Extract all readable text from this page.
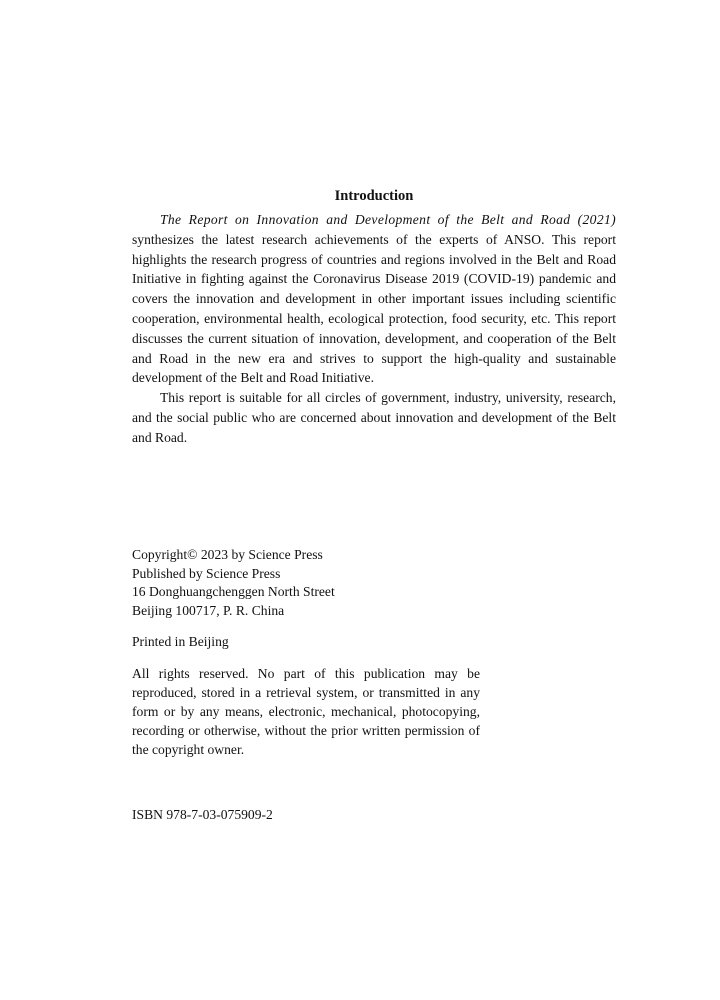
Introduction

The Report on Innovation and Development of the Belt and Road (2021) synthesizes the latest research achievements of the experts of ANSO. This report highlights the research progress of countries and regions involved in the Belt and Road Initiative in fighting against the Coronavirus Disease 2019 (COVID-19) pandemic and covers the innovation and development in other important issues including scientific cooperation, environmental health, ecological protection, food security, etc. This report discusses the current situation of innovation, development, and cooperation of the Belt and Road in the new era and strives to support the high-quality and sustainable development of the Belt and Road Initiative.

This report is suitable for all circles of government, industry, university, research, and the social public who are concerned about innovation and development of the Belt and Road.

Copyright© 2023 by Science Press
Published by Science Press
16 Donghuangchenggen North Street
Beijing 100717, P. R. China
Printed in Beijing
All rights reserved. No part of this publication may be reproduced, stored in a retrieval system, or transmitted in any form or by any means, electronic, mechanical, photocopying, recording or otherwise, without the prior written permission of the copyright owner.
ISBN 978-7-03-075909-2
